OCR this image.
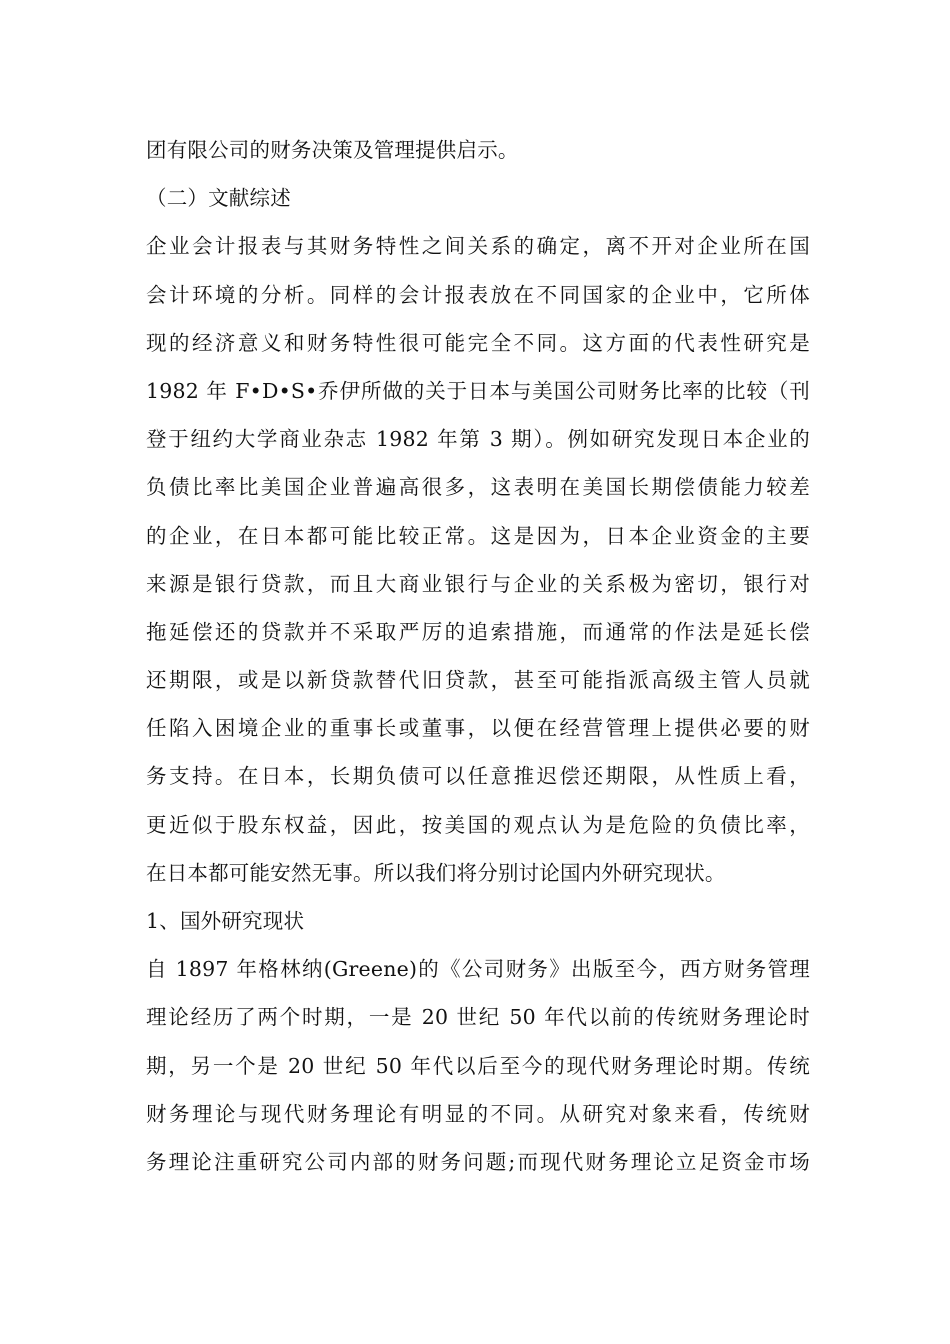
团有限公司的财务决策及管理提供启示。
（二）文献综述
企业会计报表与其财务特性之间关系的确定，离不开对企业所在国
会计环境的分析。同样的会计报表放在不同国家的企业中，它所体
现的经济意义和财务特性很可能完全不同。这方面的代表性研究是
1982 年 F•D•S•乔伊所做的关于日本与美国公司财务比率的比较（刊
登于纽约大学商业杂志 1982 年第 3 期）。例如研究发现日本企业的
负债比率比美国企业普遍高很多，这表明在美国长期偿债能力较差
的企业，在日本都可能比较正常。这是因为，日本企业资金的主要
来源是银行贷款，而且大商业银行与企业的关系极为密切，银行对
拖延偿还的贷款并不采取严厉的追索措施，而通常的作法是延长偿
还期限，或是以新贷款替代旧贷款，甚至可能指派高级主管人员就
任陷入困境企业的重事长或董事，以便在经营管理上提供必要的财
务支持。在日本，长期负债可以任意推迟偿还期限，从性质上看，
更近似于股东权益，因此，按美国的观点认为是危险的负债比率，
在日本都可能安然无事。所以我们将分别讨论国内外研究现状。
1、国外研究现状
自 1897 年格林纳(Greene)的《公司财务》出版至今，西方财务管理
理论经历了两个时期，一是 20 世纪 50 年代以前的传统财务理论时
期，另一个是 20 世纪 50 年代以后至今的现代财务理论时期。传统
财务理论与现代财务理论有明显的不同。从研究对象来看，传统财
务理论注重研究公司内部的财务问题;而现代财务理论立足资金市场
